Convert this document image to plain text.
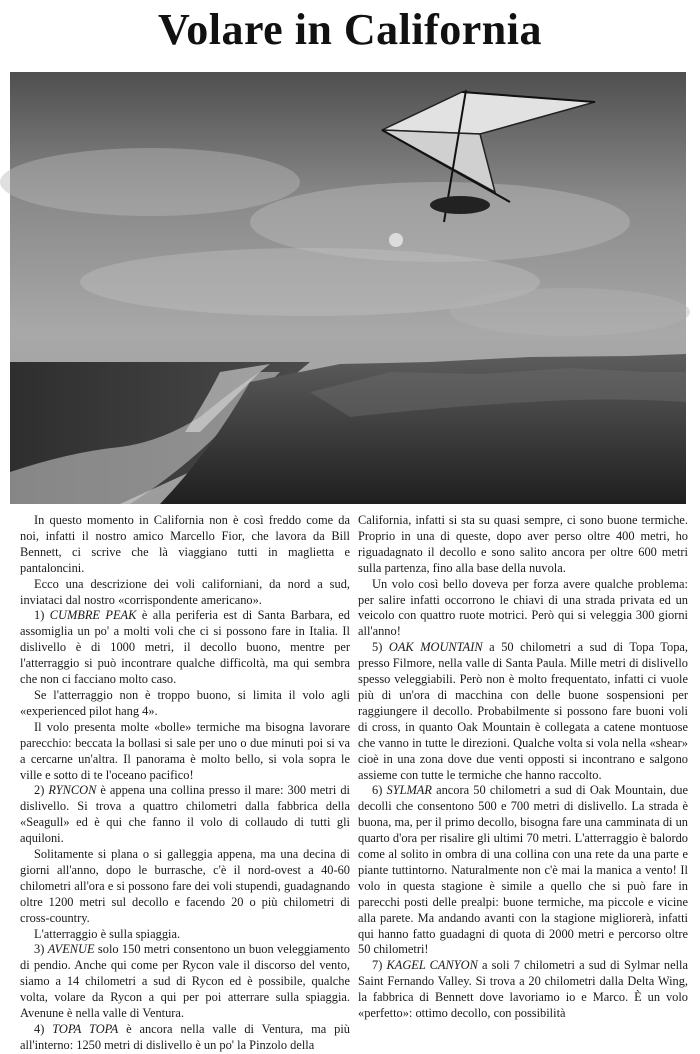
Volare in California

In questo momento in California non è così freddo come da noi, infatti il nostro amico Marcello Fior, che lavora da Bill Bennett, ci scrive che là viaggiano tutti in maglietta e pantaloncini.

Ecco una descrizione dei voli californiani, da nord a sud, inviataci dal nostro «corrispondente americano».

1) CUMBRE PEAK è alla periferia est di Santa Barbara, ed assomiglia un po' a molti voli che ci si possono fare in Italia. Il dislivello è di 1000 metri, il decollo buono, mentre per l'atterraggio si può incontrare qualche difficoltà, ma qui sembra che non ci facciano molto caso.

Se l'atterraggio non è troppo buono, si limita il volo agli «experienced pilot hang 4».

Il volo presenta molte «bolle» termiche ma bisogna lavorare parecchio: beccata la bollasi si sale per uno o due minuti poi si va a cercarne un'altra. Il panorama è molto bello, si vola sopra le ville e sotto di te l'oceano pacifico!

2) RYNCON è appena una collina presso il mare: 300 metri di dislivello. Si trova a quattro chilometri dalla fabbrica della «Seagull» ed è qui che fanno il volo di collaudo di tutti gli aquiloni.

Solitamente si plana o si galleggia appena, ma una decina di giorni all'anno, dopo le burrasche, c'è il nord-ovest a 40-60 chilometri all'ora e si possono fare dei voli stupendi, guadagnando oltre 1200 metri sul decollo e facendo 20 o più chilometri di cross-country.

L'atterraggio è sulla spiaggia.

3) AVENUE solo 150 metri consentono un buon veleggiamento di pendio. Anche qui come per Rycon vale il discorso del vento, siamo a 14 chilometri a sud di Rycon ed è possibile, qualche volta, volare da Rycon a qui per poi atterrare sulla spiaggia. Avenune è nella valle di Ventura.

4) TOPA TOPA è ancora nella valle di Ventura, ma più all'interno: 1250 metri di dislivello è un po' la Pinzolo della

California, infatti si sta su quasi sempre, ci sono buone termiche. Proprio in una di queste, dopo aver perso oltre 400 metri, ho riguadagnato il decollo e sono salito ancora per oltre 600 metri sulla partenza, fino alla base della nuvola.

Un volo così bello doveva per forza avere qualche problema: per salire infatti occorrono le chiavi di una strada privata ed un veicolo con quattro ruote motrici. Però qui si veleggia 300 giorni all'anno!

5) OAK MOUNTAIN a 50 chilometri a sud di Topa Topa, presso Filmore, nella valle di Santa Paula. Mille metri di dislivello spesso veleggiabili. Però non è molto frequentato, infatti ci vuole più di un'ora di macchina con delle buone sospensioni per raggiungere il decollo. Probabilmente si possono fare buoni voli di cross, in quanto Oak Mountain è collegata a catene montuose che vanno in tutte le direzioni. Qualche volta si vola nella «shear» cioè in una zona dove due venti opposti si incontrano e salgono assieme con tutte le termiche che hanno raccolto.

6) SYLMAR ancora 50 chilometri a sud di Oak Mountain, due decolli che consentono 500 e 700 metri di dislivello. La strada è buona, ma, per il primo decollo, bisogna fare una camminata di un quarto d'ora per risalire gli ultimi 70 metri. L'atterraggio è balordo come al solito in ombra di una collina con una rete da una parte e piante tuttintorno. Naturalmente non c'è mai la manica a vento! Il volo in questa stagione è simile a quello che si può fare in parecchi posti delle prealpi: buone termiche, ma piccole e vicine alla parete. Ma andando avanti con la stagione migliorerà, infatti qui hanno fatto guadagni di quota di 2000 metri e percorso oltre 50 chilometri!

7) KAGEL CANYON a soli 7 chilometri a sud di Sylmar nella Saint Fernando Valley. Si trova a 20 chilometri dalla Delta Wing, la fabbrica di Bennett dove lavoriamo io e Marco. È un volo «perfetto»: ottimo decollo, con possibilità
